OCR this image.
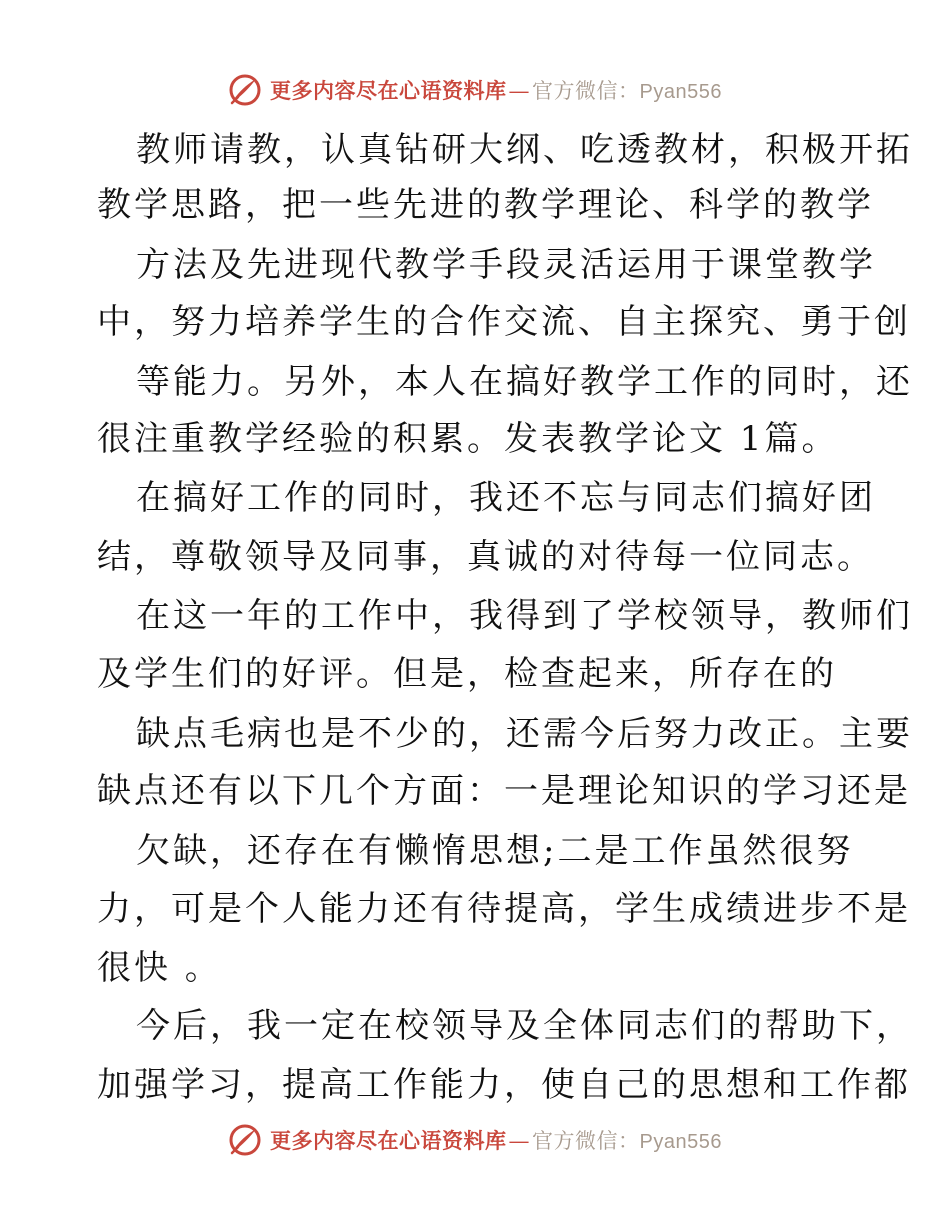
更多内容尽在心语资料库 — 官方微信： Pyan556
教师请教，认真钻研大纲、吃透教材，积极开拓
教学思路，把一些先进的教学理论、科学的教学
方法及先进现代教学手段灵活运用于课堂教学
中，努力培养学生的合作交流、自主探究、勇于创
等能力。另外，本人在搞好教学工作的同时，还
很注重教学经验的积累。发表教学论文 1篇。
在搞好工作的同时，我还不忘与同志们搞好团
结，尊敬领导及同事，真诚的对待每一位同志。
在这一年的工作中，我得到了学校领导，教师们
及学生们的好评。但是，检查起来，所存在的
缺点毛病也是不少的，还需今后努力改正。主要
缺点还有以下几个方面：一是理论知识的学习还是
欠缺，还存在有懒惰思想;二是工作虽然很努
力，可是个人能力还有待提高，学生成绩进步不是
很快 。
今后，我一定在校领导及全体同志们的帮助下，
加强学习，提高工作能力，使自己的思想和工作都
更多内容尽在心语资料库 — 官方微信： Pyan556
